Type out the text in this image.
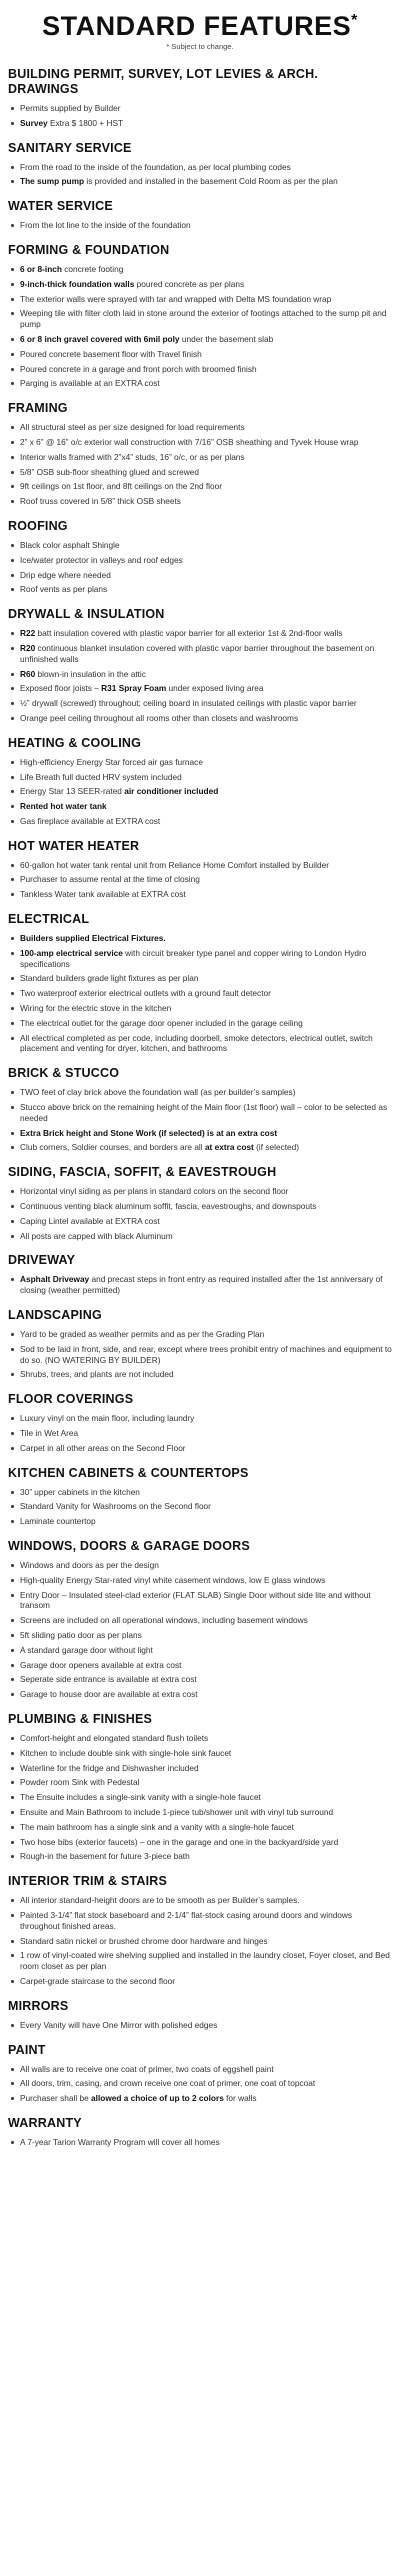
STANDARD FEATURES*
* Subject to change.
BUILDING PERMIT, SURVEY, LOT LEVIES & ARCH. DRAWINGS
Permits supplied by Builder
Survey Extra $ 1800 + HST
SANITARY SERVICE
From the road to the inside of the foundation, as per local plumbing codes
The sump pump is provided and installed in the basement Cold Room as per the plan
WATER SERVICE
From the lot line to the inside of the foundation
FORMING & FOUNDATION
6 or 8-inch concrete footing
9-inch-thick foundation walls poured concrete as per plans
The exterior walls were sprayed with tar and wrapped with Delta MS foundation wrap
Weeping tile with filter cloth laid in stone around the exterior of footings attached to the sump pit and pump
6 or 8 inch gravel covered with 6mil poly under the basement slab
Poured concrete basement floor with Travel finish
Poured concrete in a garage and front porch with broomed finish
Parging is available at an EXTRA cost
FRAMING
All structural steel as per size designed for load requirements
2” x 6” @ 16” o/c exterior wall construction with 7/16” OSB sheathing and Tyvek House wrap
Interior walls framed with 2”x4” studs, 16” o/c, or as per plans
5/8” OSB sub-floor sheathing glued and screwed
9ft ceilings on 1st floor, and 8ft ceilings on the 2nd floor
Roof truss covered in 5/8” thick OSB sheets
ROOFING
Black color asphalt Shingle
Ice/water protector in valleys and roof edges
Drip edge where needed
Roof vents as per plans
DRYWALL & INSULATION
R22 batt insulation covered with plastic vapor barrier for all exterior 1st & 2nd-floor walls
R20 continuous blanket insulation covered with plastic vapor barrier throughout the basement on unfinished walls
R60 blown-in insulation in the attic
Exposed floor joists – R31 Spray Foam under exposed living area
½” drywall (screwed) throughout; ceiling board in insulated ceilings with plastic vapor barrier
Orange peel ceiling throughout all rooms other than closets and washrooms
HEATING & COOLING
High-efficiency Energy Star forced air gas furnace
Life Breath full ducted HRV system included
Energy Star 13 SEER-rated air conditioner included
Rented hot water tank
Gas fireplace available at EXTRA cost
HOT WATER HEATER
60-gallon hot water tank rental unit from Reliance Home Comfort installed by Builder
Purchaser to assume rental at the time of closing
Tankless Water tank available at EXTRA cost
ELECTRICAL
Builders supplied Electrical Fixtures.
100-amp electrical service with circuit breaker type panel and copper wiring to London Hydro specifications
Standard builders grade light fixtures as per plan
Two waterproof exterior electrical outlets with a ground fault detector
Wiring for the electric stove in the kitchen
The electrical outlet for the garage door opener included in the garage ceiling
All electrical completed as per code, including doorbell, smoke detectors, electrical outlet, switch placement and venting for dryer, kitchen, and bathrooms
BRICK & STUCCO
TWO feet of clay brick above the foundation wall (as per builder’s samples)
Stucco above brick on the remaining height of the Main floor (1st floor) wall – color to be selected as needed
Extra Brick height and Stone Work (if selected) is at an extra cost
Club corners, Soldier courses, and borders are all at extra cost (if selected)
SIDING, FASCIA, SOFFIT, & EAVESTROUGH
Horizontal vinyl siding as per plans in standard colors on the second floor
Continuous venting black aluminum soffit, fascia, eavestroughs, and downspouts
Caping Lintel available at EXTRA cost
All posts are capped with black Aluminum
DRIVEWAY
Asphalt Driveway and precast steps in front entry as required installed after the 1st anniversary of closing (weather permitted)
LANDSCAPING
Yard to be graded as weather permits and as per the Grading Plan
Sod to be laid in front, side, and rear, except where trees prohibit entry of machines and equipment to do so. (NO WATERING BY BUILDER)
Shrubs, trees, and plants are not included
FLOOR COVERINGS
Luxury vinyl on the main floor, including laundry
Tile in Wet Area
Carpet in all other areas on the Second Floor
KITCHEN CABINETS & COUNTERTOPS
30” upper cabinets in the kitchen
Standard Vanity for Washrooms on the Second floor
Laminate countertop
WINDOWS, DOORS & GARAGE DOORS
Windows and doors as per the design
High-quality Energy Star-rated vinyl white casement windows, low E glass windows
Entry Door – Insulated steel-clad exterior (FLAT SLAB) Single Door without side lite and without transom
Screens are included on all operational windows, including basement windows
5ft sliding patio door as per plans
A standard garage door without light
Garage door openers available at extra cost
Seperate side entrance is available at extra cost
Garage to house door are available at extra cost
PLUMBING & FINISHES
Comfort-height and elongated standard flush toilets
Kitchen to include double sink with single-hole sink faucet
Waterline for the fridge and Dishwasher included
Powder room Sink with Pedestal
The Ensuite includes a single-sink vanity with a single-hole faucet
Ensuite and Main Bathroom to include 1-piece tub/shower unit with vinyl tub surround
The main bathroom has a single sink and a vanity with a single-hole faucet
Two hose bibs (exterior faucets) – one in the garage and one in the backyard/side yard
Rough-in the basement for future 3-piece bath
INTERIOR TRIM & STAIRS
All interior standard-height doors are to be smooth as per Builder’s samples.
Painted 3-1/4” flat stock baseboard and 2-1/4” flat-stock casing around doors and windows throughout finished areas.
Standard satin nickel or brushed chrome door hardware and hinges
1 row of vinyl-coated wire shelving supplied and installed in the laundry closet, Foyer closet, and Bed room closet as per plan
Carpet-grade staircase to the second floor
MIRRORS
Every Vanity will have One Mirror with polished edges
PAINT
All walls are to receive one coat of primer, two coats of eggshell paint
All doors, trim, casing, and crown receive one coat of primer, one coat of topcoat
Purchaser shall be allowed a choice of up to 2 colors for walls
WARRANTY
A 7-year Tarion Warranty Program will cover all homes
